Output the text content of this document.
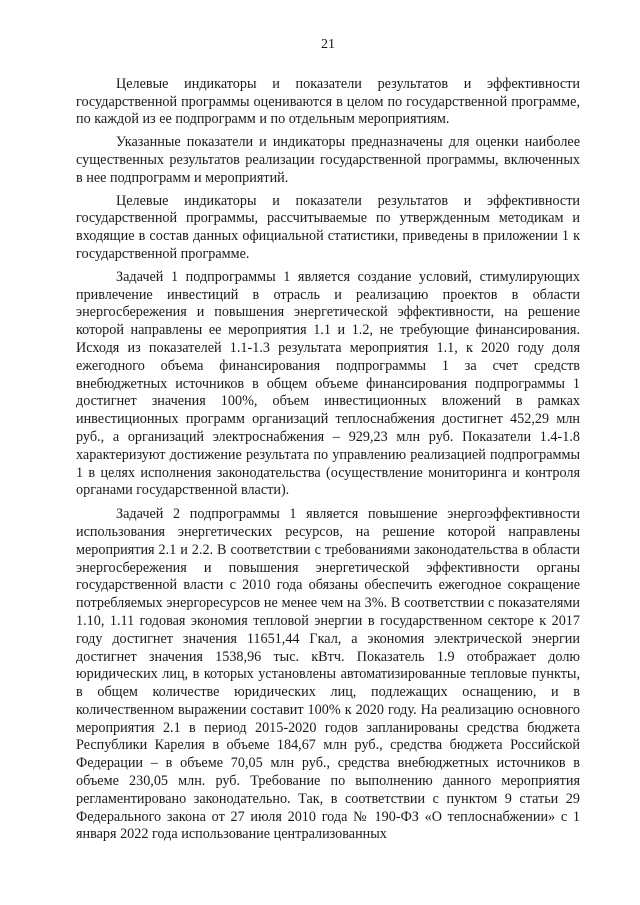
21

Целевые индикаторы и показатели результатов и эффективности государственной программы оцениваются в целом по государственной программе, по каждой из ее подпрограмм и по отдельным мероприятиям.

Указанные показатели и индикаторы предназначены для оценки наиболее существенных результатов реализации государственной программы, включенных в нее подпрограмм и мероприятий.

Целевые индикаторы и показатели результатов и эффективности государственной программы, рассчитываемые по утвержденным методикам и входящие в состав данных официальной статистики, приведены в приложении 1 к государственной программе.

Задачей 1 подпрограммы 1 является создание условий, стимулирующих привлечение инвестиций в отрасль и реализацию проектов в области энергосбережения и повышения энергетической эффективности, на решение которой направлены ее мероприятия 1.1 и 1.2, не требующие финансирования. Исходя из показателей 1.1-1.3 результата мероприятия 1.1, к 2020 году доля ежегодного объема финансирования подпрограммы 1 за счет средств внебюджетных источников в общем объеме финансирования подпрограммы 1 достигнет значения 100%, объем инвестиционных вложений в рамках инвестиционных программ организаций теплоснабжения достигнет 452,29 млн руб., а организаций электроснабжения – 929,23 млн руб. Показатели 1.4-1.8 характеризуют достижение результата по управлению реализацией подпрограммы 1 в целях исполнения законодательства (осуществление мониторинга и контроля органами государственной власти).

Задачей 2 подпрограммы 1 является повышение энергоэффективности использования энергетических ресурсов, на решение которой направлены мероприятия 2.1 и 2.2. В соответствии с требованиями законодательства в области энергосбережения и повышения энергетической эффективности органы государственной власти с 2010 года обязаны обеспечить ежегодное сокращение потребляемых энергоресурсов не менее чем на 3%. В соответствии с показателями 1.10, 1.11 годовая экономия тепловой энергии в государственном секторе к 2017 году достигнет значения 11651,44 Гкал, а экономия электрической энергии достигнет значения 1538,96 тыс. кВтч. Показатель 1.9 отображает долю юридических лиц, в которых установлены автоматизированные тепловые пункты, в общем количестве юридических лиц, подлежащих оснащению, и в количественном выражении составит 100% к 2020 году. На реализацию основного мероприятия 2.1 в период 2015-2020 годов запланированы средства бюджета Республики Карелия в объеме 184,67 млн руб., средства бюджета Российской Федерации – в объеме 70,05 млн руб., средства внебюджетных источников в объеме 230,05 млн. руб. Требование по выполнению данного мероприятия регламентировано законодательно. Так, в соответствии с пунктом 9 статьи 29 Федерального закона от 27 июля 2010 года № 190-ФЗ «О теплоснабжении» с 1 января 2022 года использование централизованных
